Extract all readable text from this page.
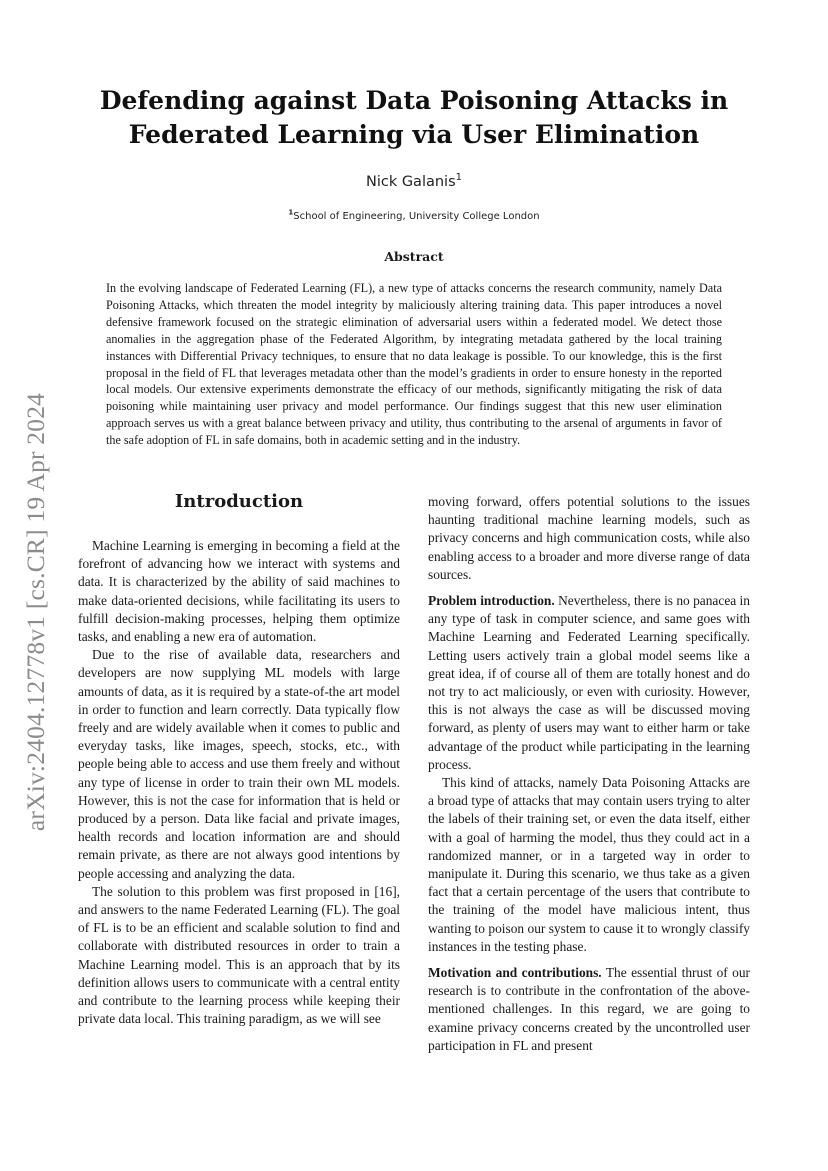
arXiv:2404.12778v1 [cs.CR] 19 Apr 2024
Defending against Data Poisoning Attacks in
Federated Learning via User Elimination
Nick Galanis$^1$
$^1$School of Engineering, University College London
Abstract

In the evolving landscape of Federated Learning (FL), a new type of attacks concerns the research community, namely Data Poisoning Attacks, which threaten the model integrity by maliciously altering training data. This paper introduces a novel defensive framework focused on the strategic elimination of adversarial users within a federated model. We detect those anomalies in the aggregation phase of the Federated Algorithm, by integrating metadata gathered by the local training instances with Differential Privacy techniques, to ensure that no data leakage is possible. To our knowledge, this is the first proposal in the field of FL that leverages metadata other than the model’s gradients in order to ensure honesty in the reported local models. Our extensive experiments demonstrate the efficacy of our methods, significantly mitigating the risk of data poisoning while maintaining user privacy and model performance. Our findings suggest that this new user elimination approach serves us with a great balance between privacy and utility, thus contributing to the arsenal of arguments in favor of the safe adoption of FL in safe domains, both in academic setting and in the industry.

Introduction

Machine Learning is emerging in becoming a field at the forefront of advancing how we interact with systems and data. It is characterized by the ability of said machines to make data-oriented decisions, while facilitating its users to fulfill decision-making processes, helping them optimize tasks, and enabling a new era of automation.

Due to the rise of available data, researchers and developers are now supplying ML models with large amounts of data, as it is required by a state-of-the art model in order to function and learn correctly. Data typically flow freely and are widely available when it comes to public and everyday tasks, like images, speech, stocks, etc., with people being able to access and use them freely and without any type of license in order to train their own ML models. However, this is not the case for information that is held or produced by a person. Data like facial and private images, health records and location information are and should remain private, as there are not always good intentions by people accessing and analyzing the data.

The solution to this problem was first proposed in [16], and answers to the name Federated Learning (FL). The goal of FL is to be an efficient and scalable solution to find and collaborate with distributed resources in order to train a Machine Learning model. This is an approach that by its definition allows users to communicate with a central entity and contribute to the learning process while keeping their private data local. This training paradigm, as we will see

moving forward, offers potential solutions to the issues haunting traditional machine learning models, such as privacy concerns and high communication costs, while also enabling access to a broader and more diverse range of data sources.

Problem introduction. Nevertheless, there is no panacea in any type of task in computer science, and same goes with Machine Learning and Federated Learning specifically. Letting users actively train a global model seems like a great idea, if of course all of them are totally honest and do not try to act maliciously, or even with curiosity. However, this is not always the case as will be discussed moving forward, as plenty of users may want to either harm or take advantage of the product while participating in the learning process.

This kind of attacks, namely Data Poisoning Attacks are a broad type of attacks that may contain users trying to alter the labels of their training set, or even the data itself, either with a goal of harming the model, thus they could act in a randomized manner, or in a targeted way in order to manipulate it. During this scenario, we thus take as a given fact that a certain percentage of the users that contribute to the training of the model have malicious intent, thus wanting to poison our system to cause it to wrongly classify instances in the testing phase.

Motivation and contributions. The essential thrust of our research is to contribute in the confrontation of the above-mentioned challenges. In this regard, we are going to examine privacy concerns created by the uncontrolled user participation in FL and present
